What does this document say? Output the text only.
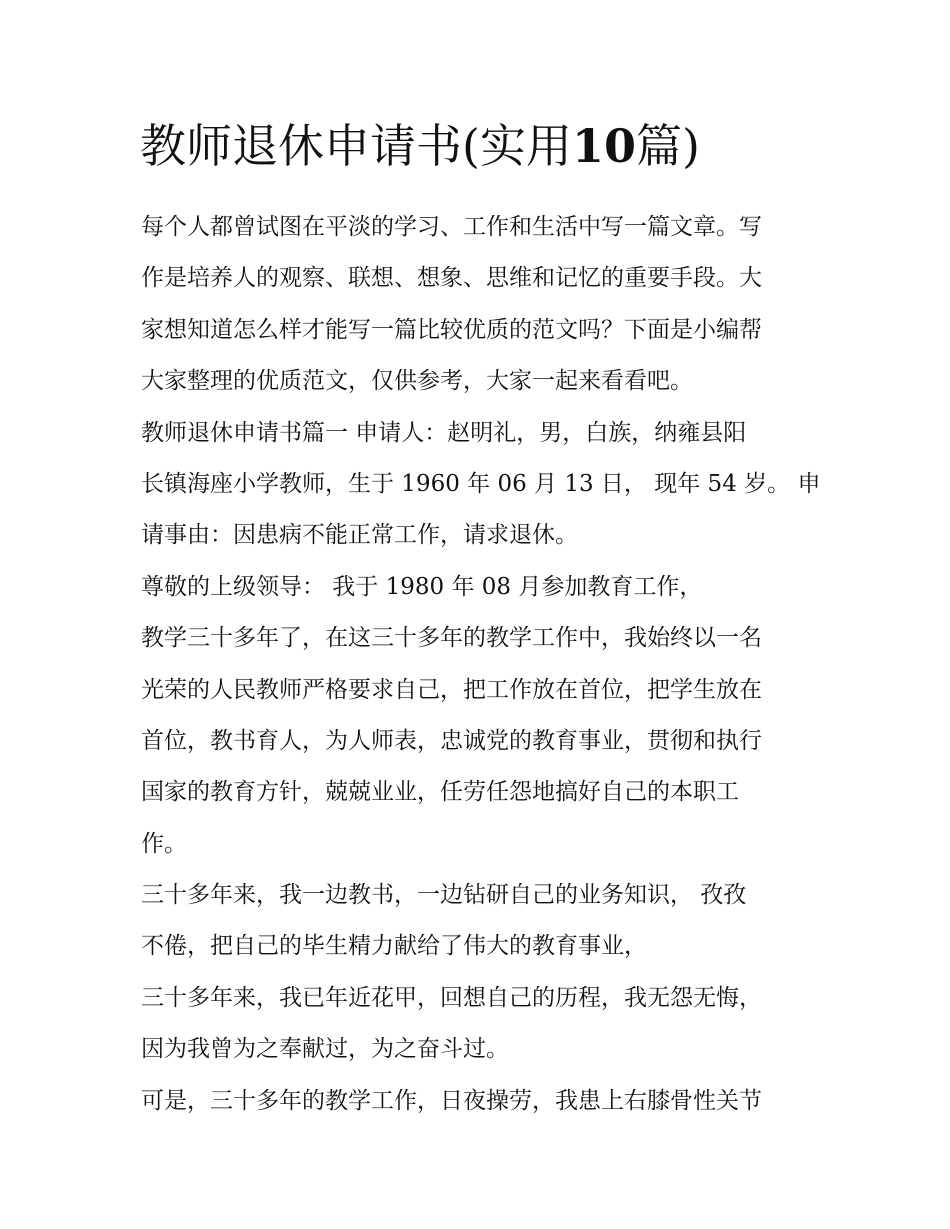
教师退休申请书(实用10篇)
每个人都曾试图在平淡的学习、工作和生活中写一篇文章。写
作是培养人的观察、联想、想象、思维和记忆的重要手段。大
家想知道怎么样才能写一篇比较优质的范文吗？下面是小编帮
大家整理的优质范文，仅供参考，大家一起来看看吧。
教师退休申请书篇一 申请人：赵明礼，男，白族，纳雍县阳
长镇海座小学教师，生于 1960 年 06 月 13 日， 现年 54 岁。 申
请事由：因患病不能正常工作，请求退休。
尊敬的上级领导： 我于 1980 年 08 月参加教育工作，
教学三十多年了，在这三十多年的教学工作中，我始终以一名
光荣的人民教师严格要求自己，把工作放在首位，把学生放在
首位，教书育人，为人师表，忠诚党的教育事业，贯彻和执行
国家的教育方针，兢兢业业，任劳任怨地搞好自己的本职工
作。
三十多年来，我一边教书，一边钻研自己的业务知识， 孜孜
不倦，把自己的毕生精力献给了伟大的教育事业，
三十多年来，我已年近花甲，回想自己的历程，我无怨无悔，
因为我曾为之奉献过，为之奋斗过。
可是，三十多年的教学工作，日夜操劳，我患上右膝骨性关节
